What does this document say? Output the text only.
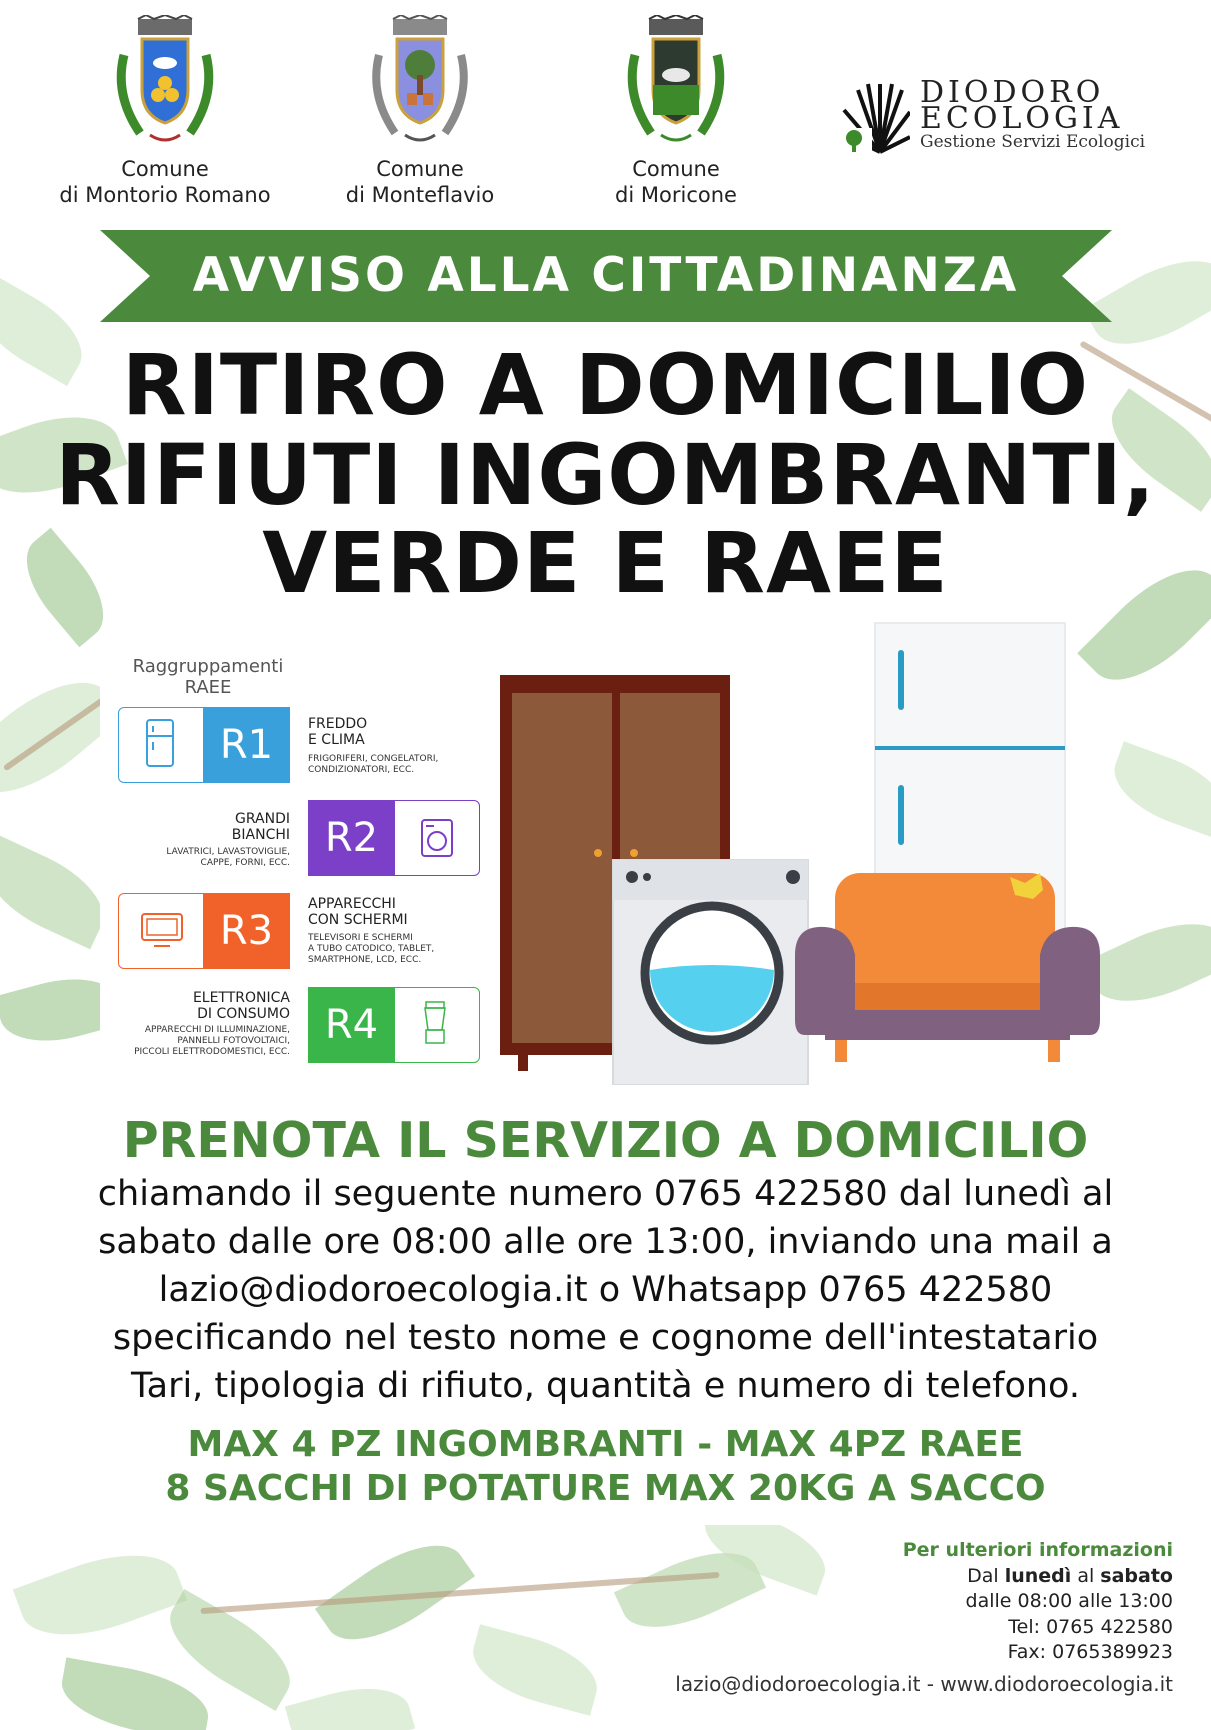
Comune
di Montorio Romano
Comune
di Monteflavio
Comune
di Moricone
DIODORO
ECOLOGIA
Gestione Servizi Ecologici
AVVISO ALLA CITTADINANZA
RITIRO A DOMICILIO
RIFIUTI INGOMBRANTI,
VERDE E RAEE
Raggruppamenti RAEE
R1	FREDDO
E CLIMA
FRIGORIFERI, CONGELATORI,
CONDIZIONATORI, ECC.
R2
GRANDI
BIANCHI
LAVATRICI, LAVASTOVIGLIE,
CAPPE, FORNI, ECC.
R3
APPARECCHI
CON SCHERMI
TELEVISORI E SCHERMI
A TUBO CATODICO, TABLET,
SMARTPHONE, LCD, ECC.
R4
ELETTRONICA
DI CONSUMO
APPARECCHI DI ILLUMINAZIONE,
PANNELLI FOTOVOLTAICI,
PICCOLI ELETTRODOMESTICI, ECC.
PRENOTA IL SERVIZIO A DOMICILIO
chiamando il seguente numero 0765 422580 dal lunedì al
sabato dalle ore 08:00 alle ore 13:00, inviando una mail a
lazio@diodoroecologia.it o Whatsapp 0765 422580
specificando nel testo nome e cognome dell'intestatario
Tari, tipologia di rifiuto, quantità e numero di telefono.
MAX 4 PZ INGOMBRANTI - MAX 4PZ RAEE
8 SACCHI DI POTATURE MAX 20KG A SACCO
Per ulteriori informazioni
Dal lunedì al sabato
dalle 08:00 alle 13:00
Tel: 0765 422580
Fax: 0765389923
lazio@diodoroecologia.it - www.diodoroecologia.it
